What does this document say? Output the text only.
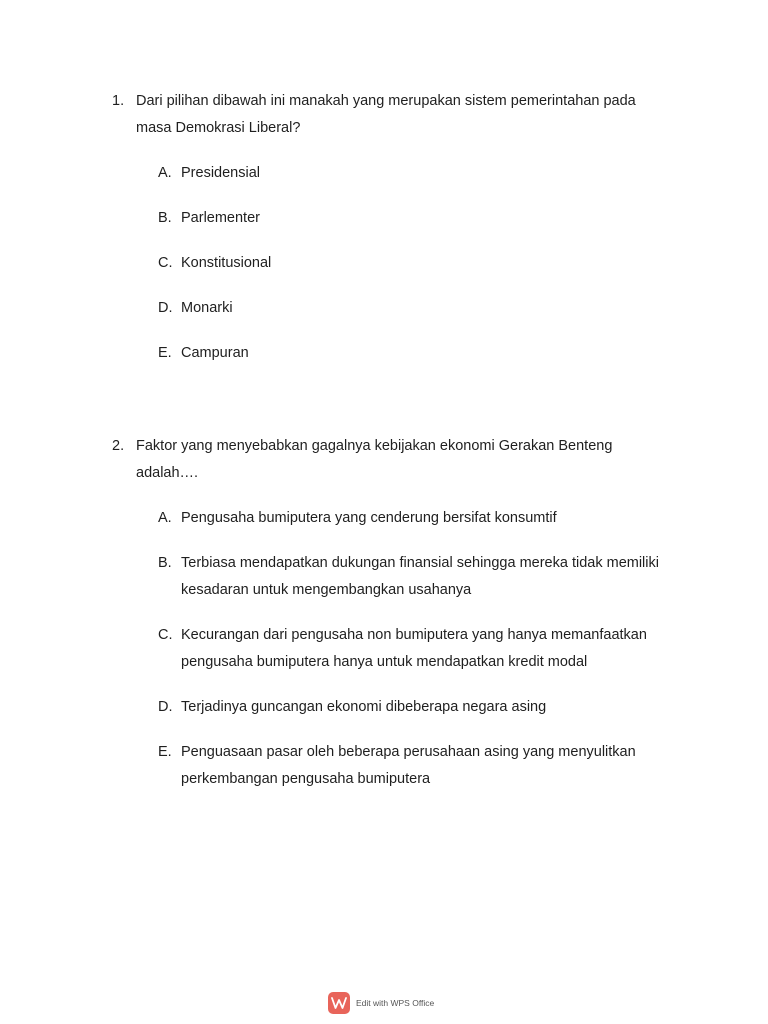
1. Dari pilihan dibawah ini manakah yang merupakan sistem pemerintahan pada masa Demokrasi Liberal?
A. Presidensial
B. Parlementer
C. Konstitusional
D. Monarki
E. Campuran
2. Faktor yang menyebabkan gagalnya kebijakan ekonomi Gerakan Benteng adalah….
A. Pengusaha bumiputera yang cenderung bersifat konsumtif
B. Terbiasa mendapatkan dukungan finansial sehingga mereka tidak memiliki kesadaran untuk mengembangkan usahanya
C. Kecurangan dari pengusaha non bumiputera yang hanya memanfaatkan pengusaha bumiputera hanya untuk mendapatkan kredit modal
D. Terjadinya guncangan ekonomi dibeberapa negara asing
E. Penguasaan pasar oleh beberapa perusahaan asing yang menyulitkan perkembangan pengusaha bumiputera
Edit with WPS Office
